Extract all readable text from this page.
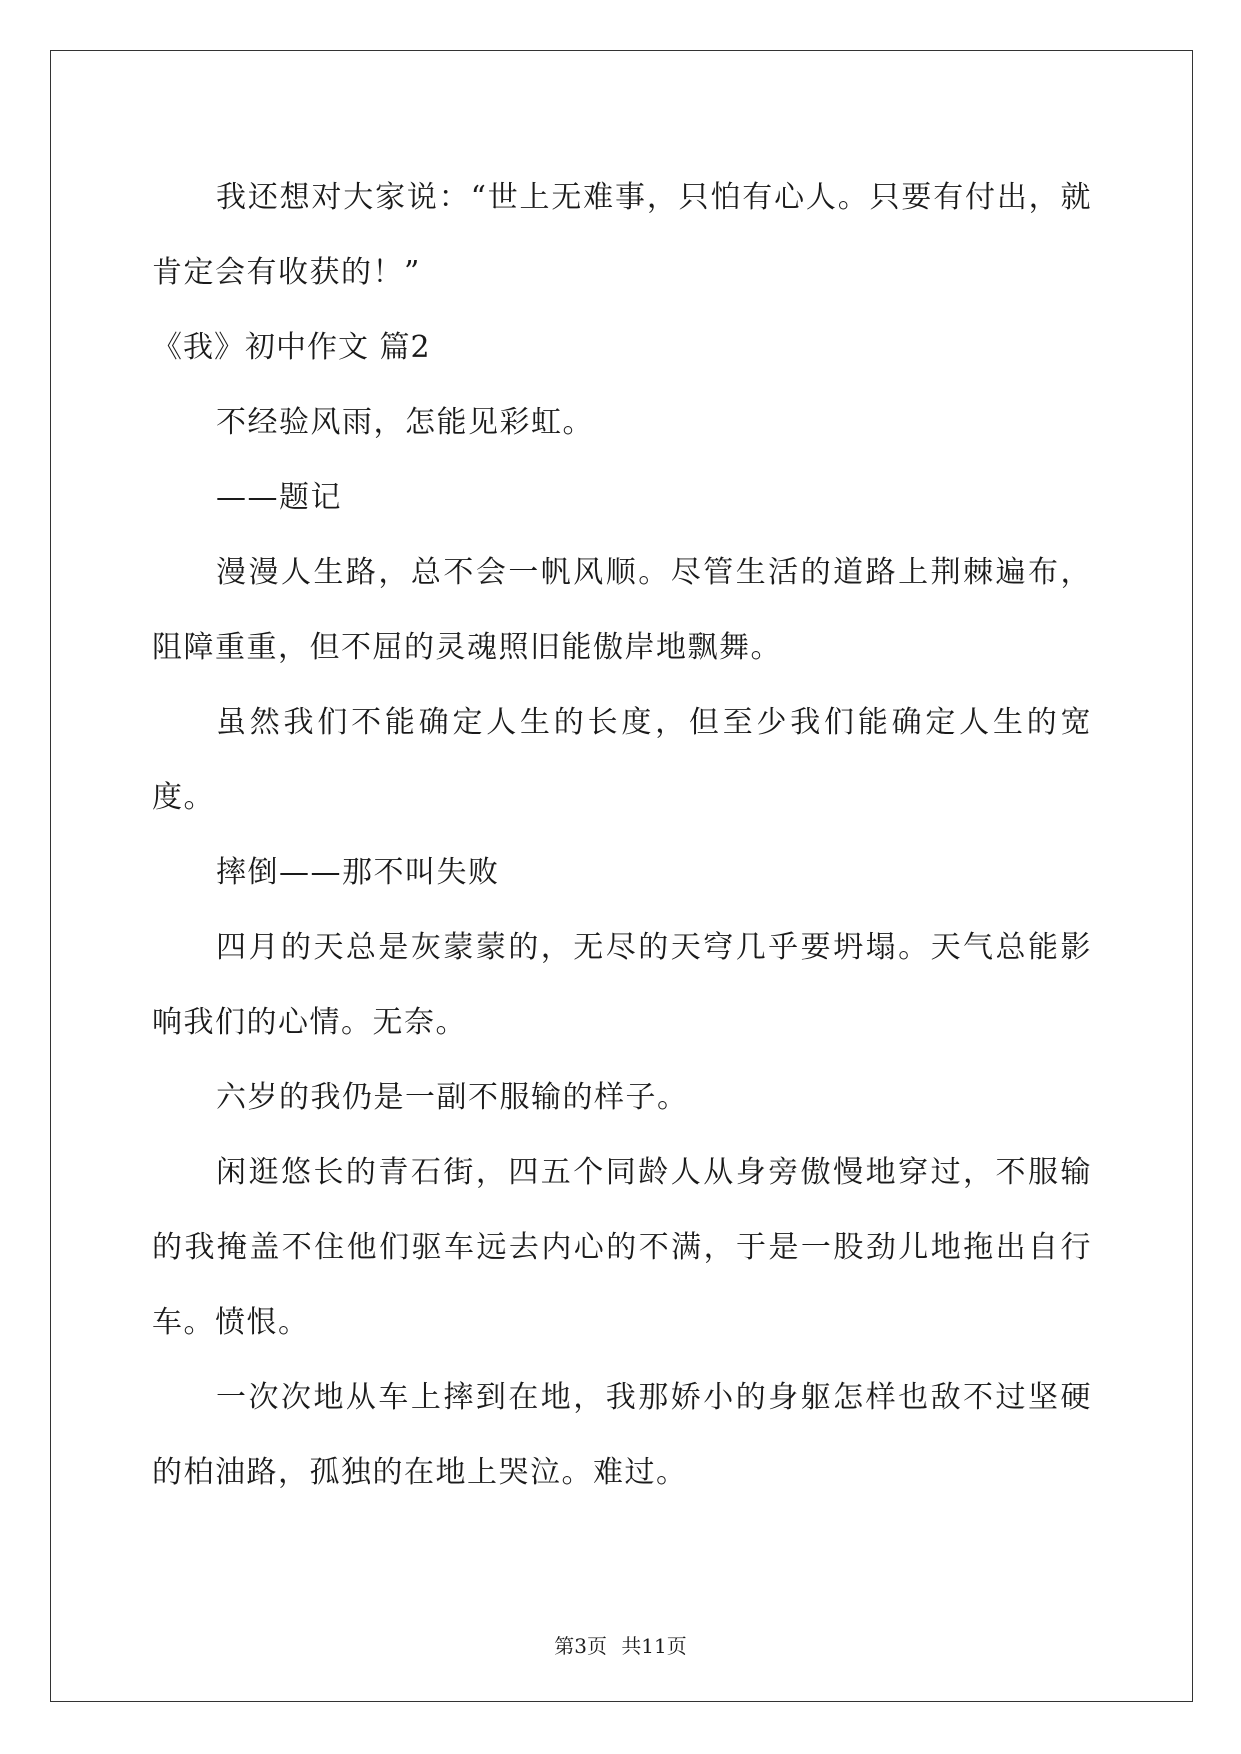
我还想对大家说：“世上无难事，只怕有心人。只要有付出，就肯定会有收获的！”

《我》初中作文 篇2

不经验风雨，怎能见彩虹。

——题记

漫漫人生路，总不会一帆风顺。尽管生活的道路上荆棘遍布，阻障重重，但不屈的灵魂照旧能傲岸地飘舞。

虽然我们不能确定人生的长度，但至少我们能确定人生的宽度。

摔倒——那不叫失败

四月的天总是灰蒙蒙的，无尽的天穹几乎要坍塌。天气总能影响我们的心情。无奈。

六岁的我仍是一副不服输的样子。

闲逛悠长的青石街，四五个同龄人从身旁傲慢地穿过，不服输的我掩盖不住他们驱车远去内心的不满，于是一股劲儿地拖出自行车。愤恨。

一次次地从车上摔到在地，我那娇小的身躯怎样也敌不过坚硬的柏油路，孤独的在地上哭泣。难过。

第3页 共11页
